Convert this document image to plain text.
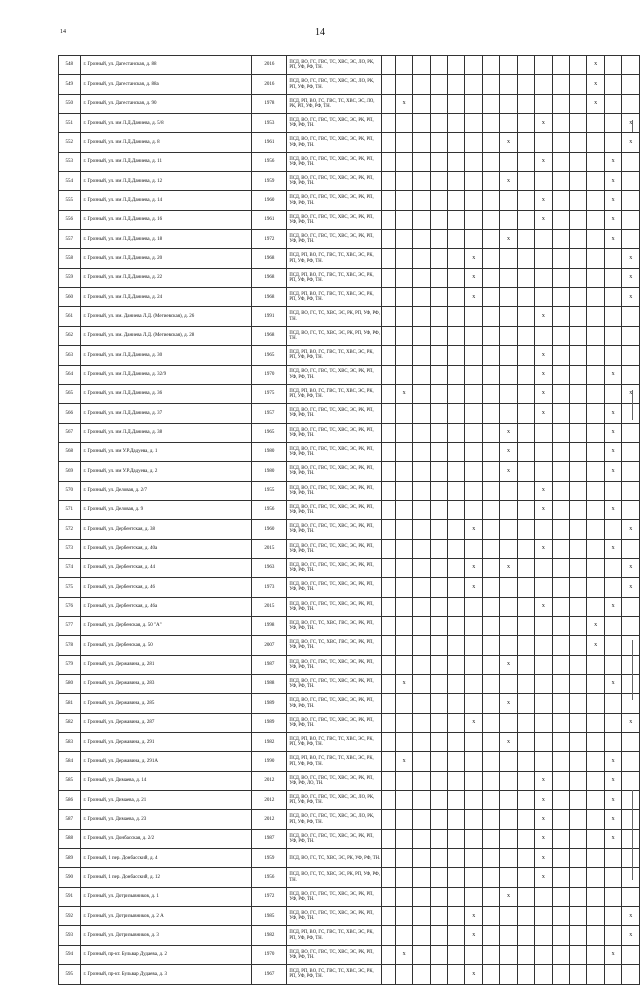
14	14
548	г. Грозный, ул. Дагестанская, д. 88	2016	ПСД, ВО, ГС, ГВС, ТС, ХВС, ЭС, ЛО, РК, РП, УФ, РФ, ТН.													x		
549	г. Грозный, ул. Дагестанская, д. 88а	2016	ПСД, ВО, ГС, ГВС, ТС, ХВС, ЭС, ЛО, РК, РП, УФ, РФ, ТН.													x		
550	г. Грозный, ул. Дагестанская, д. 90	1978	ПСД, РП, ВО, ГС, ГВС, ТС, ХВС, ЭС, ЛО, РК, РП, УФ, РФ, ТН.		x											x		
551	г. Грозный, ул. им Л.Д.Даниева, д. 5/8	1953	ПСД, ВО, ГС, ГВС, ТС, ХВС, ЭС, РК, РП, УФ, РФ, ТН.										x					x
552	г. Грозный, ул. им Л.Д.Даниева, д. 8	1961	ПСД, ВО, ГС, ГВС, ТС, ХВС, ЭС, РК, РП, УФ, РФ, ТН.								x							x
553	г. Грозный, ул. им Л.Д.Даниева, д. 11	1956	ПСД, ВО, ГС, ГВС, ТС, ХВС, ЭС, РК, РП, УФ, РФ, ТН.										x				x	
554	г. Грозный, ул. им Л.Д.Даниева, д. 12	1959	ПСД, ВО, ГС, ГВС, ТС, ХВС, ЭС, РК, РП, УФ, РФ, ТН.								x						x	
555	г. Грозный, ул. им Л.Д.Даниева, д. 14	1960	ПСД, ВО, ГС, ГВС, ТС, ХВС, ЭС, РК, РП, УФ, РФ, ТН.										x				x	
556	г. Грозный, ул. им Л.Д.Даниева, д. 16	1961	ПСД, ВО, ГС, ГВС, ТС, ХВС, ЭС, РК, РП, УФ, РФ, ТН.										x				x	
557	г. Грозный, ул. им Л.Д.Даниева, д. 18	1972	ПСД, ВО, ГС, ГВС, ТС, ХВС, ЭС, РК, РП, УФ, РФ, ТН.								x						x	
558	г. Грозный, ул. им Л.Д.Даниева, д. 20	1968	ПСД, РП, ВО, ГС, ГВС, ТС, ХВС, ЭС, РК, РП, УФ, РФ, ТН.						x									x
559	г. Грозный, ул. им Л.Д.Даниева, д. 22	1968	ПСД, РП, ВО, ГС, ГВС, ТС, ХВС, ЭС, РК, РП, УФ, РФ, ТН.						x									x
560	г. Грозный, ул. им Л.Д.Даниева, д. 24	1968	ПСД, РП, ВО, ГС, ГВС, ТС, ХВС, ЭС, РК, РП, УФ, РФ, ТН.						x									x
561	г. Грозный, ул. им. Даниева Л.Д. (Мегиевская), д. 26	1991	ПСД, ВО, ГС, ТС, ХВС, ЭС, РК, РП, УФ, РФ, ТН.										x					
562	г. Грозный, ул. им. Даниева Л.Д. (Мегиевская), д. 28	1968	ПСД, ВО, ГС, ТС, ХВС, ЭС, РК, РП, УФ, РФ, ТН.															
563	г. Грозный, ул. им Л.Д.Даниева, д. 30	1965	ПСД, РП, ВО, ГС, ГВС, ТС, ХВС, ЭС, РК, РП, УФ, РФ, ТН.										x					
564	г. Грозный, ул. им Л.Д.Даниева, д. 32/9	1970	ПСД, ВО, ГС, ГВС, ТС, ХВС, ЭС, РК, РП, УФ, РФ, ТН.										x				x	
565	г. Грозный, ул. им Л.Д.Даниева, д. 36	1975	ПСД, РП, ВО, ГС, ГВС, ТС, ХВС, ЭС, РК, РП, УФ, РФ, ТН.		x								x					x
566	г. Грозный, ул. им Л.Д.Даниева, д. 37	1957	ПСД, ВО, ГС, ГВС, ТС, ХВС, ЭС, РК, РП, УФ, РФ, ТН.										x				x	
567	г. Грозный, ул. им Л.Д.Даниева, д. 38	1965	ПСД, ВО, ГС, ГВС, ТС, ХВС, ЭС, РК, РП, УФ, РФ, ТН.								x						x	
568	г. Грозный, ул. им У.Р.Дадуева, д. 1	1980	ПСД, ВО, ГС, ГВС, ТС, ХВС, ЭС, РК, РП, УФ, РФ, ТН.								x						x	
569	г. Грозный, ул. им У.Р.Дадуева, д. 2	1980	ПСД, ВО, ГС, ГВС, ТС, ХВС, ЭС, РК, РП, УФ, РФ, ТН.								x						x	
570	г. Грозный, ул. Деловая, д. 2/7	1955	ПСД, ВО, ГС, ГВС, ТС, ХВС, ЭС, РК, РП, УФ, РФ, ТН.										x					
571	г. Грозный, ул. Деловая, д. 9	1956	ПСД, ВО, ГС, ГВС, ТС, ХВС, ЭС, РК, РП, УФ, РФ, ТН.										x				x	
572	г. Грозный, ул. Дербентская, д. 38	1960	ПСД, ВО, ГС, ГВС, ТС, ХВС, ЭС, РК, РП, УФ, РФ, ТН.						x									x
573	г. Грозный, ул. Дербентская, д. 40а	2015	ПСД, ВО, ГС, ГВС, ТС, ХВС, ЭС, РК, РП, УФ, РФ, ТН.										x				x	
574	г. Грозный, ул. Дербентская, д. 44	1963	ПСД, ВО, ГС, ГВС, ТС, ХВС, ЭС, РК, РП, УФ, РФ, ТН.						x		x							x
575	г. Грозный, ул. Дербентская, д. 46	1973	ПСД, ВО, ГС, ГВС, ТС, ХВС, ЭС, РК, РП, УФ, РФ, ТН.						x									x
576	г. Грозный, ул. Дербентская, д. 46а	2015	ПСД, ВО, ГС, ГВС, ТС, ХВС, ЭС, РК, РП, УФ, РФ, ТН.										x				x	
577	г. Грозный, ул. Дербенская, д. 50 "А"	1998	ПСД, ВО, ГС, ТС, ХВС, ГВС, ЭС, РК, РП, УФ, РФ, ТН.													x		
578	г. Грозный, ул. Дербенская, д. 50	2007	ПСД, ВО, ГС, ТС, ХВС, ГВС, ЭС, РК, РП, УФ, РФ, ТН.													x		
579	г. Грозный, ул. Державина, д. 281	1987	ПСД, ВО, ГС, ГВС, ТС, ХВС, ЭС, РК, РП, УФ, РФ, ТН.								x							
580	г. Грозный, ул. Державина, д. 283	1988	ПСД, ВО, ГС, ГВС, ТС, ХВС, ЭС, РК, РП, УФ, РФ, ТН.		x												x	
581	г. Грозный, ул. Державина, д. 285	1989	ПСД, ВО, ГС, ГВС, ТС, ХВС, ЭС, РК, РП, УФ, РФ, ТН.								x							
582	г. Грозный, ул. Державина, д. 287	1989	ПСД, ВО, ГС, ГВС, ТС, ХВС, ЭС, РК, РП, УФ, РФ, ТН.						x									x
583	г. Грозный, ул. Державина, д. 291	1982	ПСД, РП, ВО, ГС, ГВС, ТС, ХВС, ЭС, РК, РП, УФ, РФ, ТН.								x							
584	г. Грозный, ул. Державина, д. 291А	1990	ПСД, РП, ВО, ГС, ГВС, ТС, ХВС, ЭС, РК, РП, УФ, РФ, ТН.		x												x	
585	г. Грозный, ул. Димаева, д. 14	2012	ПСД, ВО, ГС, ГВС, ТС, ХВС, ЭС, РК, РП, УФ, РФ, ЛО, ТН.										x				x	
586	г. Грозный, ул. Димаева, д. 21	2012	ПСД, ВО, ГС, ГВС, ТС, ХВС, ЭС, ЛО, РК, РП, УФ, РФ, ТН.										x				x	
587	г. Грозный, ул. Димаева, д. 23	2012	ПСД, ВО, ГС, ГВС, ТС, ХВС, ЭС, ЛО, РК, РП, УФ, РФ, ТН.										x				x	
588	г. Грозный, ул. Донбасская, д. 2/2	1987	ПСД, ВО, ГС, ГВС, ТС, ХВС, ЭС, РК, РП, УФ, РФ, ТН.										x				x	
589	г. Грозный, 1 пер. Донбасский, д. 4	1959	ПСД, ВО, ГС, ТС, ХВС, ЭС, РК, УФ, РФ, ТН.										x					
590	г. Грозный, 1 пер. Донбасский, д. 12	1956	ПСД, ВО, ГС, ТС, ХВС, ЭС, РК, РП, УФ, РФ, ТН.										x					
591	г. Грозный, ул. Дотризывников, д. 1	1972	ПСД, ВО, ГС, ГВС, ТС, ХВС, ЭС, РК, РП, УФ, РФ, ТН.								x							
592	г. Грозный, ул. Дотризывников, д. 2 А	1985	ПСД, ВО, ГС, ГВС, ТС, ХВС, ЭС, РК, РП, УФ, РФ, ТН.						x									x
593	г. Грозный, ул. Дотризывников, д. 3	1982	ПСД, РП, ВО, ГС, ГВС, ТС, ХВС, ЭС, РК, РП, УФ, РФ, ТН.						x									x
594	г. Грозный, пр-кт. Бульвар Дудаева, д. 2	1970	ПСД, ВО, ГС, ГВС, ТС, ХВС, ЭС, РК, РП, УФ, РФ, ТН.		x												x	
595	г. Грозный, пр-кт. Бульвар Дудаева, д. 3	1967	ПСД, РП, ВО, ГС, ГВС, ТС, ХВС, ЭС, РК, РП, УФ, РФ, ТН.						x									
